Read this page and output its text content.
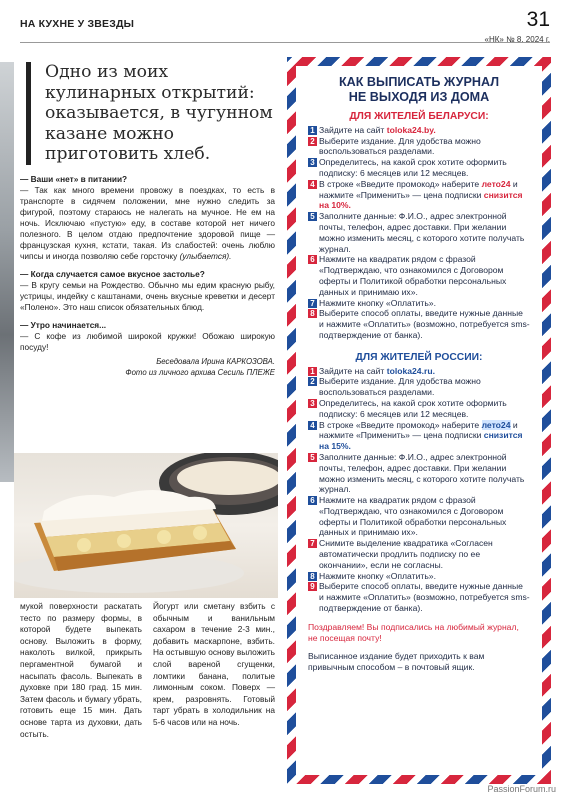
НА КУХНЕ У ЗВЕЗДЫ	31
«НК» № 8, 2024 г.
Одно из моих кулинарных открытий: оказывается, в чугунном казане можно приготовить хлеб.
— Ваши «нет» в питании?
— Так как много времени провожу в поездках, то есть в транспорте в сидячем положении, мне нужно следить за фигурой, поэтому стараюсь не налегать на мучное. Не ем на ночь. Исключаю «пустую» еду, в составе которой нет ничего полезного. В целом отдаю предпочтение здоровой пище — французская кухня, кстати, такая. Из слабостей: очень люблю чипсы и иногда позволяю себе горсточку (улыбается).
— Когда случается самое вкусное застолье?
— В кругу семьи на Рождество. Обычно мы едим красную рыбу, устрицы, индейку с каштанами, очень вкусные креветки и десерт «Полено». Это наш список обязательных блюд.
— Утро начинается...
— С кофе из любимой широкой кружки! Обожаю широкую посуду!
Беседовала Ирина КАРКОЗОВА.
Фото из личного архива Сесиль ПЛЕЖЕ
мукой поверхности раскатать тесто по размеру формы, в которой будете выпекать основу. Выложить в форму, наколоть вилкой, прикрыть пергаментной бумагой и насыпать фасоль. Выпекать в духовке при 180 град. 15 мин. Затем фасоль и бумагу убрать, готовить еще 15 мин. Дать основе тарта из духовки, дать остыть.
Йогурт или сметану взбить с обычным и ванильным сахаром в течение 2-3 мин., добавить маскарпоне, взбить. На остывшую основу выложить слой вареной сгущенки, ломтики банана, политые лимонным соком. Поверх — крем, разровнять. Готовый тарт убрать в холодильник на 5-6 часов или на ночь.
КАК ВЫПИСАТЬ ЖУРНАЛ
НЕ ВЫХОДЯ ИЗ ДОМА
ДЛЯ ЖИТЕЛЕЙ БЕЛАРУСИ:
1 Зайдите на сайт toloka24.by.
2 Выберите издание. Для удобства можно воспользоваться разделами.
3 Определитесь, на какой срок хотите оформить подписку: 6 месяцев или 12 месяцев.
4 В строке «Введите промокод» наберите лето24 и нажмите «Применить» — цена подписки снизится на 10%.
5 Заполните данные: Ф.И.О., адрес электронной почты, телефон, адрес доставки. При желании можно изменить месяц, с которого хотите получать журнал.
6 Нажмите на квадратик рядом с фразой «Подтверждаю, что ознакомился с Договором оферты и Политикой обработки персональных данных и принимаю их».
7 Нажмите кнопку «Оплатить».
8 Выберите способ оплаты, введите нужные данные и нажмите «Оплатить» (возможно, потребуется sms-подтверждение от банка).
ДЛЯ ЖИТЕЛЕЙ РОССИИ:
1 Зайдите на сайт toloka24.ru.
2 Выберите издание. Для удобства можно воспользоваться разделами.
3 Определитесь, на какой срок хотите оформить подписку: 6 месяцев или 12 месяцев.
4 В строке «Введите промокод» наберите лето24 и нажмите «Применить» — цена подписки снизится на 15%.
5 Заполните данные: Ф.И.О., адрес электронной почты, телефон, адрес доставки. При желании можно изменить месяц, с которого хотите получать журнал.
6 Нажмите на квадратик рядом с фразой «Подтверждаю, что ознакомился с Договором оферты и Политикой обработки персональных данных и принимаю их».
7 Снимите выделение квадратика «Согласен автоматически продлить подписку по ее окончании», если не согласны.
8 Нажмите кнопку «Оплатить».
9 Выберите способ оплаты, введите нужные данные и нажмите «Оплатить» (возможно, потребуется sms-подтверждение от банка).
Поздравляем! Вы подписались на любимый журнал, не посещая почту!
Выписанное издание будет приходить к вам привычным способом – в почтовый ящик.
PassionForum.ru
